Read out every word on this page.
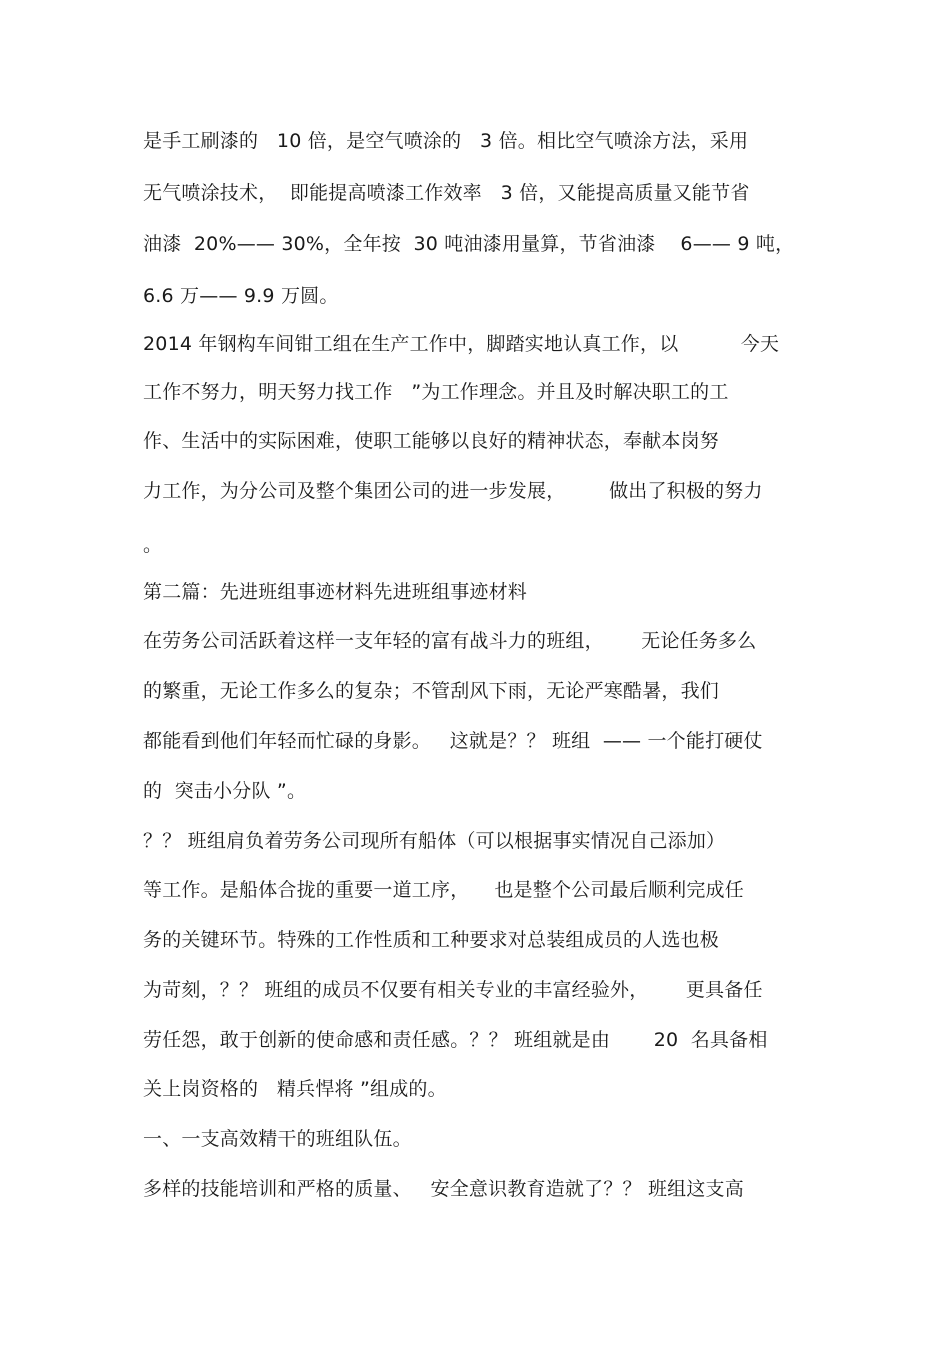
是手工刷漆的   10 倍，是空气喷涂的   3 倍。相比空气喷涂方法，采用
无气喷涂技术，  即能提高喷漆工作效率   3 倍，又能提高质量又能节省
油漆  20%—— 30%，全年按  30 吨油漆用量算，节省油漆    6—— 9 吨，
6.6 万—— 9.9 万圆。
2014 年钢构车间钳工组在生产工作中，脚踏实地认真工作，以          今天
工作不努力，明天努力找工作   ”为工作理念。并且及时解决职工的工
作、生活中的实际困难，使职工能够以良好的精神状态，奉献本岗努
力工作，为分公司及整个集团公司的进一步发展，       做出了积极的努力
。
第二篇：先进班组事迹材料先进班组事迹材料
在劳务公司活跃着这样一支年轻的富有战斗力的班组，      无论任务多么
的繁重，无论工作多么的复杂；不管刮风下雨，无论严寒酷暑，我们
都能看到他们年轻而忙碌的身影。   这就是？？ 班组  —— 一个能打硬仗
的  突击小分队 ”。
？？ 班组肩负着劳务公司现所有船体（可以根据事实情况自己添加）
等工作。是船体合拢的重要一道工序，    也是整个公司最后顺利完成任
务的关键环节。特殊的工作性质和工种要求对总装组成员的人选也极
为苛刻，？？ 班组的成员不仅要有相关专业的丰富经验外，      更具备任
劳任怨，敢于创新的使命感和责任感。？？ 班组就是由       20  名具备相
关上岗资格的   精兵悍将 ”组成的。
一、一支高效精干的班组队伍。
多样的技能培训和严格的质量、   安全意识教育造就了？？ 班组这支高
